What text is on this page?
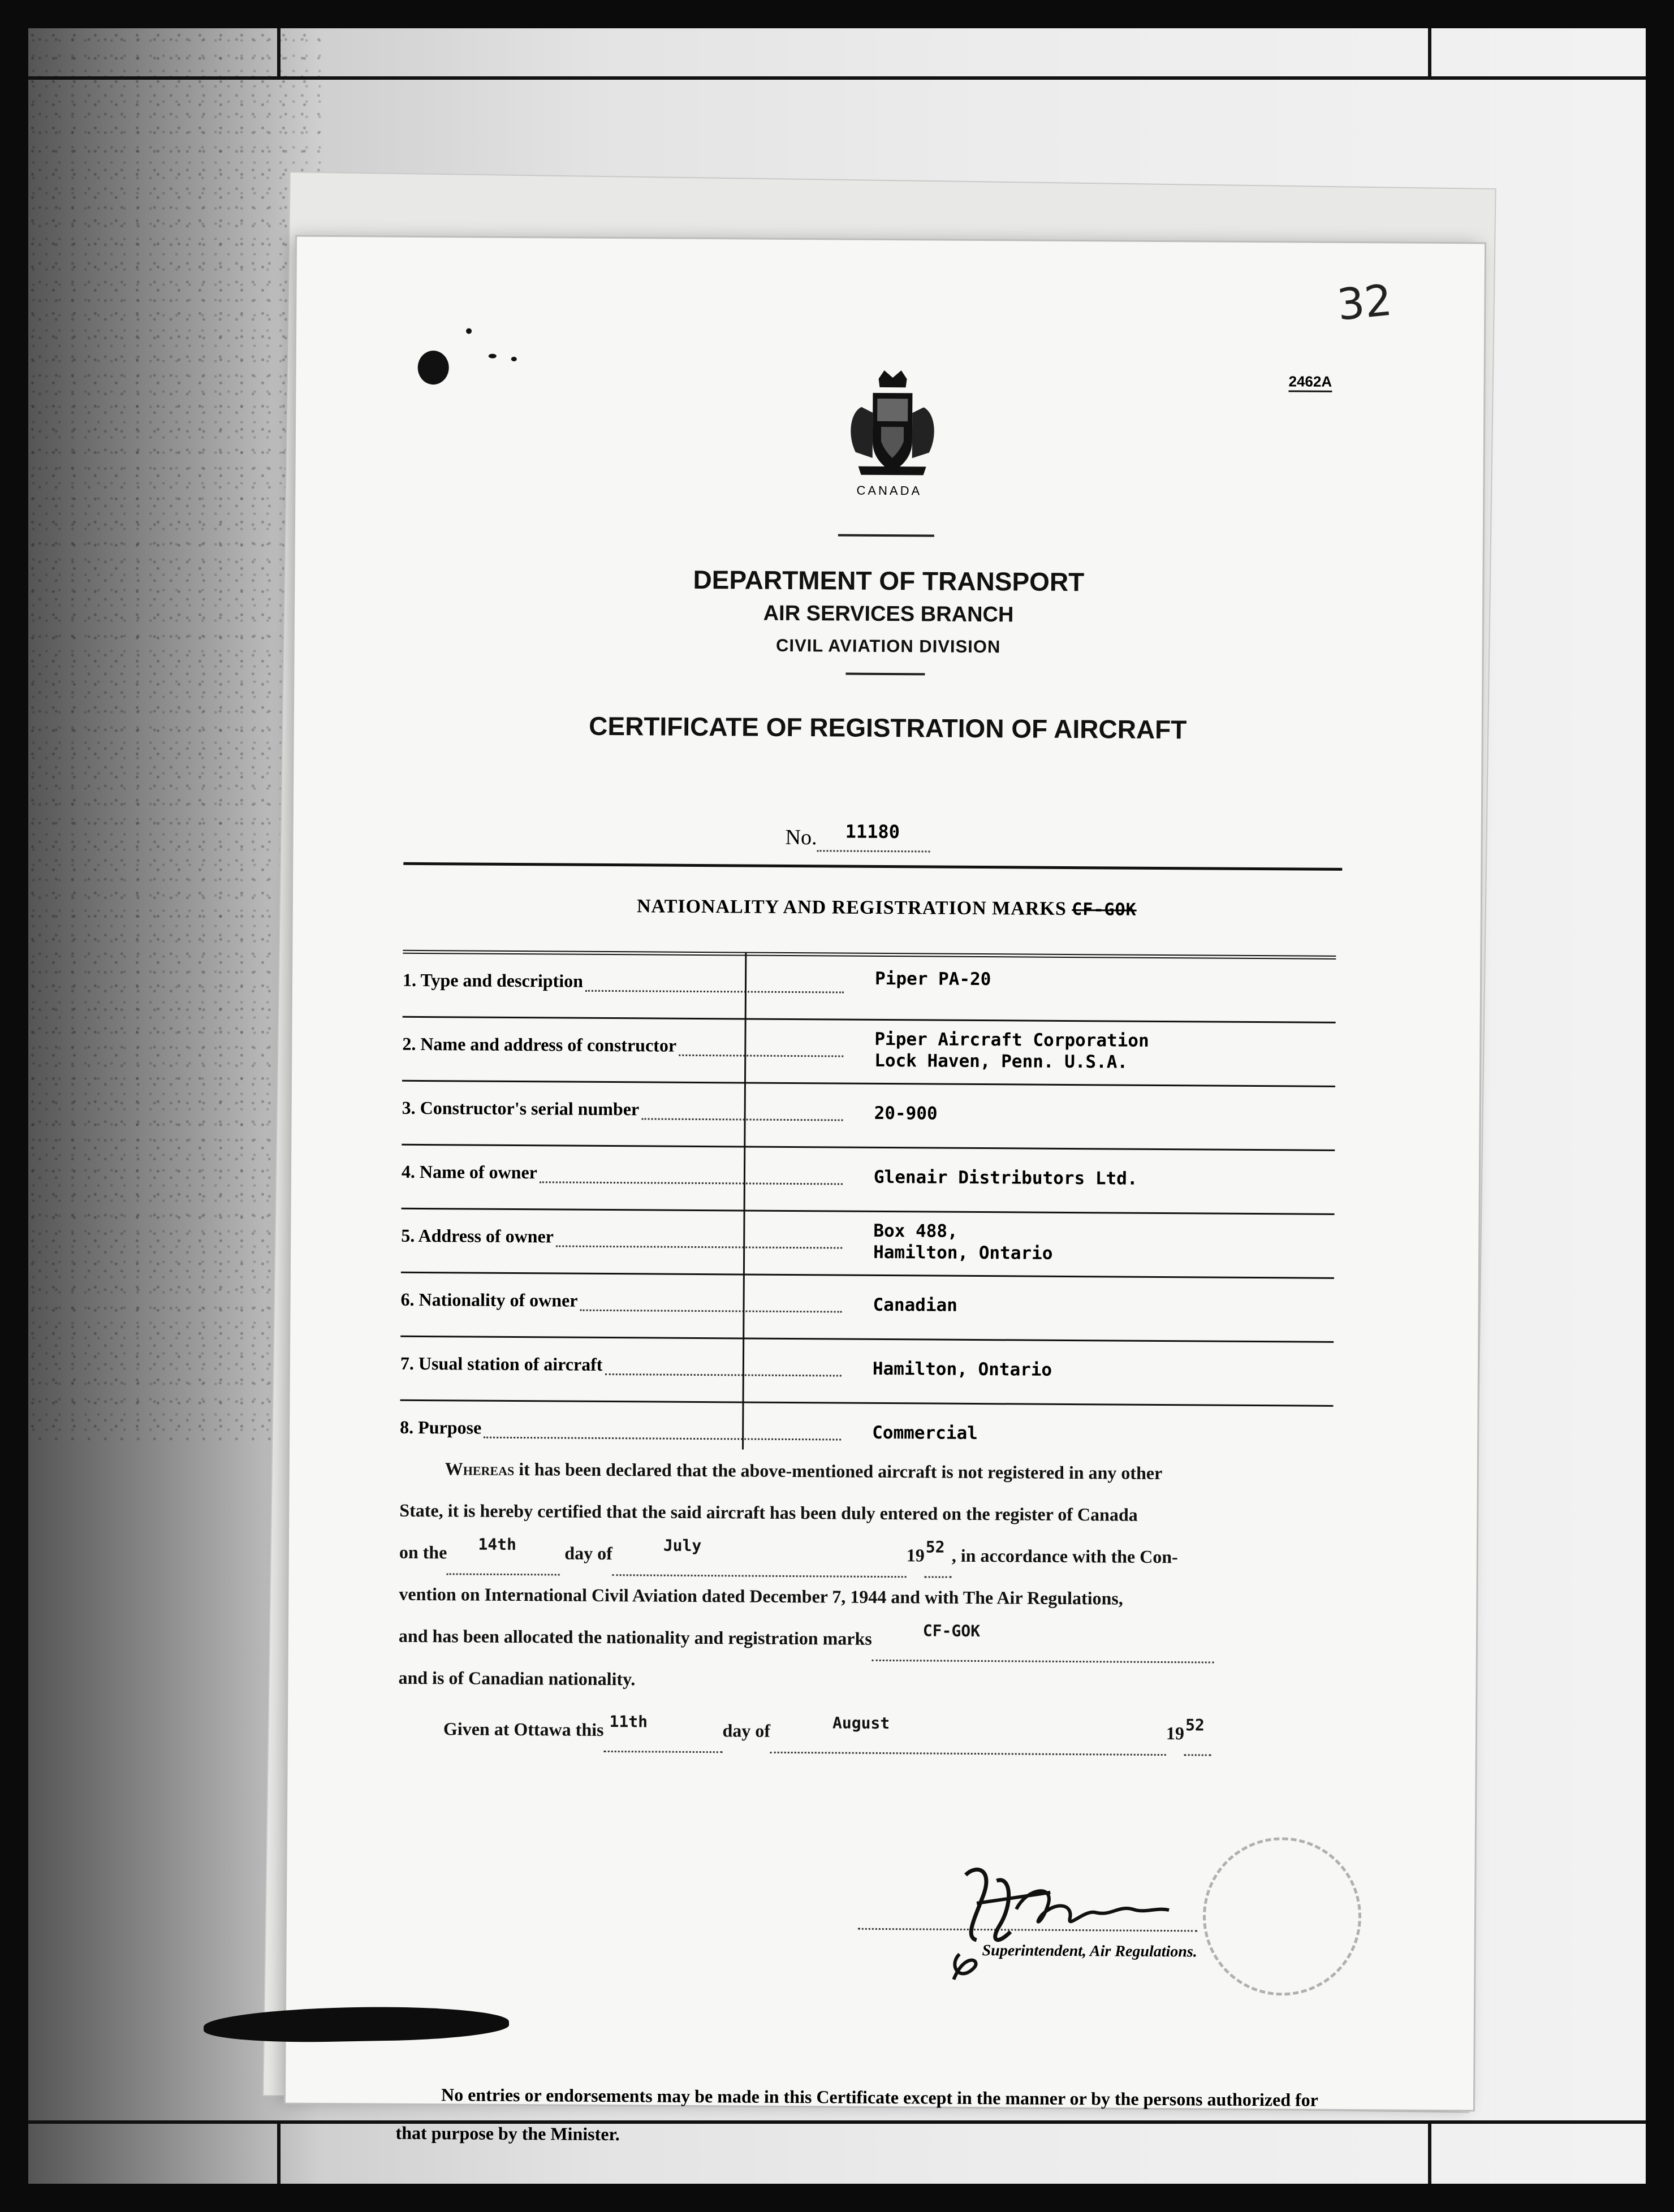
32
2462A
CANADA
DEPARTMENT OF TRANSPORT
AIR SERVICES BRANCH
CIVIL AVIATION DIVISION
CERTIFICATE OF REGISTRATION OF AIRCRAFT
No. 11180

NATIONALITY AND REGISTRATION MARKS CF-GOK
1. Type and description	Piper PA-20
2. Name and address of constructor	Piper Aircraft Corporation
Lock Haven, Penn. U.S.A.
3. Constructor's serial number	20-900
4. Name of owner	Glenair Distributors Ltd.
5. Address of owner	Box 488,
Hamilton, Ontario
6. Nationality of owner	Canadian
7. Usual station of aircraft	Hamilton, Ontario
8. Purpose	Commercial
Whereas it has been declared that the above-mentioned aircraft is not registered in any other
State, it is hereby certified that the said aircraft has been duly entered on the register of Canada
on the 14th	day of	July	19 52 , in accordance with the Con-
vention on International Civil Aviation dated December 7, 1944 and with The Air Regulations,
and has been allocated the nationality and registration marks	CF-GOK

and is of Canadian nationality.
Given at Ottawa this 11th	day of	August	19 52

Superintendent, Air Regulations.
No entries or endorsements may be made in this Certificate except in the manner or by the persons authorized for that purpose by the Minister.
